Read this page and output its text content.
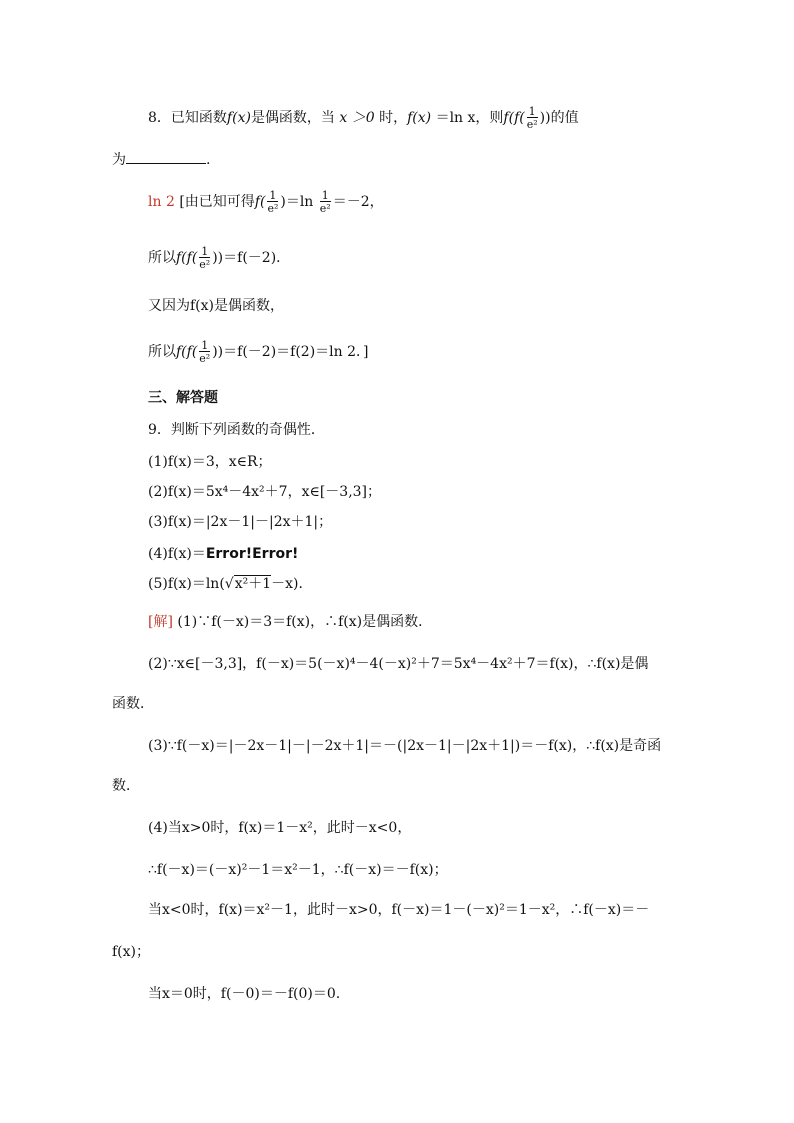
8．已知函数f(x)是偶函数，当 x ＞0 时，f(x) ＝ln x，则$f(f( \frac{1}{\text{e²}}$ ))的值
为	.
ln 2 [由已知可得$f( \frac{1}{\text{e²}} )=\ln \frac{1}{\text{e²}} =-2$，
所以$f(f( \frac{1}{\text{e²}} ))=f(-2)$．
又因为f(x)是偶函数，
所以$f(f( \frac{1}{\text{e²}} ))=f(-2)=f(2)=\ln$ 2．]
三、解答题
9．判断下列函数的奇偶性．
(1)f(x)＝3，x∈R；
(2)f(x)＝5x⁴－4x²＋7，x∈[－3,3]；
(3)f(x)＝|2x－1|－|2x＋1|；
(4)f(x)＝Error!Error!
(5)f(x)＝ln(√x²＋1－x)．
[解] (1)∵f(－x)＝3＝f(x)，∴f(x)是偶函数．
(2)∵x∈[－3,3]，f(－x)＝5(－x)⁴－4(－x)²＋7＝5x⁴－4x²＋7＝f(x)，∴f(x)是偶
函数．
(3)∵f(－x)＝|－2x－1|－|－2x＋1|＝－(|2x－1|－|2x＋1|)＝－f(x)，∴f(x)是奇函
数．
(4)当x>0时，f(x)＝1－x²，此时－x<0，
∴f(－x)＝(－x)²－1＝x²－1，∴f(－x)＝－f(x)；
当x<0时，f(x)＝x²－1，此时－x>0，f(－x)＝1－(－x)²＝1－x²，∴f(－x)＝－
f(x)；
当x＝0时，f(－0)＝－f(0)＝0.
